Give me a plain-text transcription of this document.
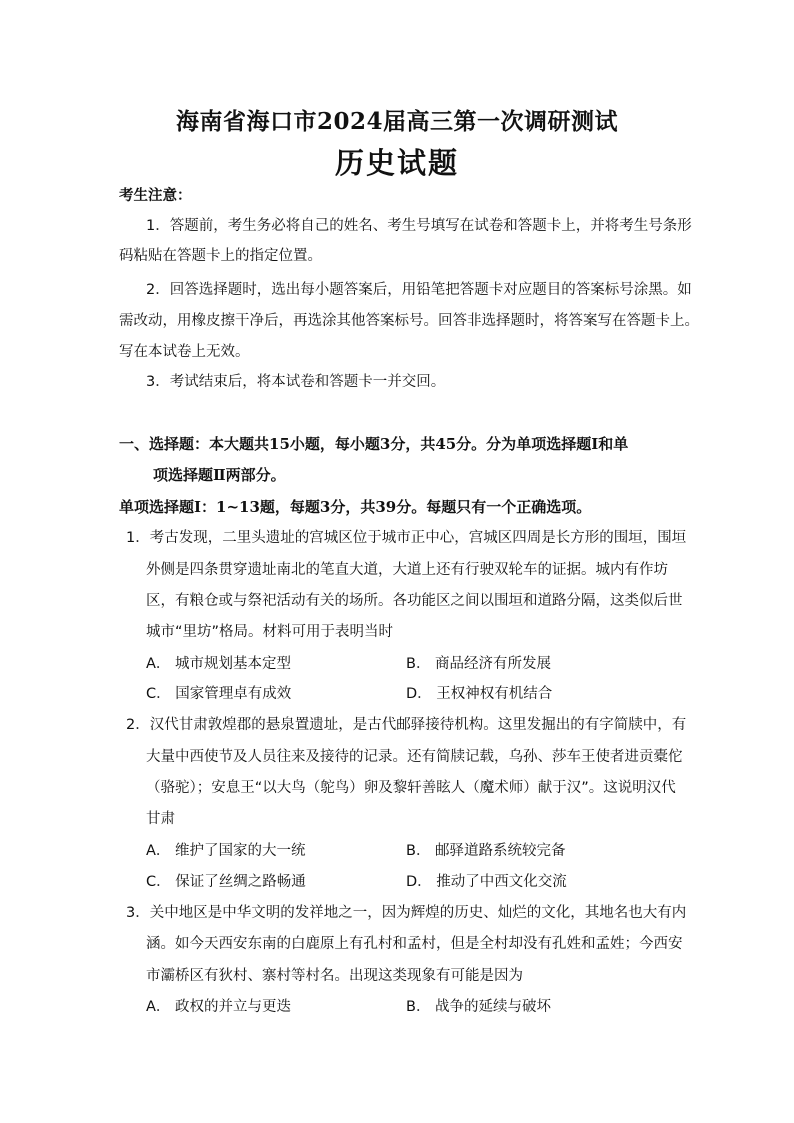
海南省海口市2024届高三第一次调研测试
历史试题
考生注意：
1．答题前，考生务必将自己的姓名、考生号填写在试卷和答题卡上，并将考生号条形
码粘贴在答题卡上的指定位置。
2．回答选择题时，选出每小题答案后，用铅笔把答题卡对应题目的答案标号涂黑。如
需改动，用橡皮擦干净后，再选涂其他答案标号。回答非选择题时，将答案写在答题卡上。
写在本试卷上无效。
3．考试结束后，将本试卷和答题卡一并交回。
一、选择题：本大题共15小题，每小题3分，共45分。分为单项选择题Ⅰ和单
项选择题Ⅱ两部分。
单项选择题Ⅰ：1~13题，每题3分，共39分。每题只有一个正确选项。
1．考古发现，二里头遗址的宫城区位于城市正中心，宫城区四周是长方形的围垣，围垣
外侧是四条贯穿遗址南北的笔直大道，大道上还有行驶双轮车的证据。城内有作坊
区，有粮仓或与祭祀活动有关的场所。各功能区之间以围垣和道路分隔，这类似后世
城市“里坊”格局。材料可用于表明当时
A． 城市规划基本定型	B． 商品经济有所发展
C． 国家管理卓有成效	D． 王权神权有机结合
2．汉代甘肃敦煌郡的悬泉置遗址，是古代邮驿接待机构。这里发掘出的有字简牍中，有
大量中西使节及人员往来及接待的记录。还有简牍记载，乌孙、莎车王使者进贡橐佗
（骆驼）；安息王“以大鸟（鸵鸟）卵及黎轩善眩人（魔术师）献于汉”。这说明汉代
甘肃
A． 维护了国家的大一统	B． 邮驿道路系统较完备
C． 保证了丝绸之路畅通	D． 推动了中西文化交流
3．关中地区是中华文明的发祥地之一，因为辉煌的历史、灿烂的文化，其地名也大有内
涵。如今天西安东南的白鹿原上有孔村和孟村，但是全村却没有孔姓和孟姓；今西安
市灞桥区有狄村、寨村等村名。出现这类现象有可能是因为
A． 政权的并立与更迭	B． 战争的延续与破坏
